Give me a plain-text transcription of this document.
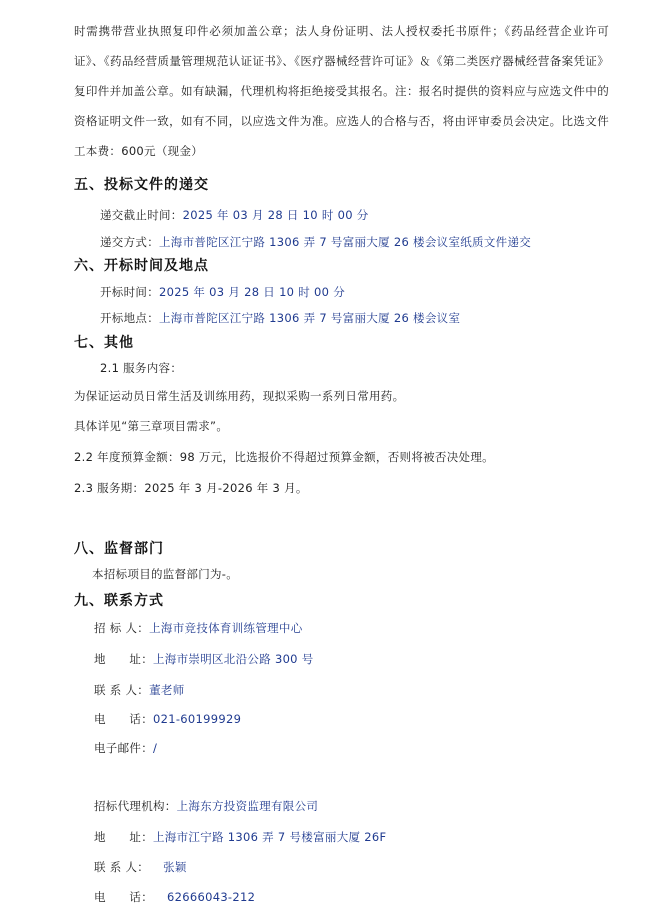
时需携带营业执照复印件必须加盖公章；法人身份证明、法人授权委托书原件；《药品经营企业许可证》、《药品经营质量管理规范认证证书》、《医疗器械经营许可证》＆《第二类医疗器械经营备案凭证》复印件并加盖公章。如有缺漏，代理机构将拒绝接受其报名。注：报名时提供的资料应与应选文件中的资格证明文件一致，如有不同，以应选文件为准。应选人的合格与否，将由评审委员会决定。比选文件工本费：600元（现金）
五、投标文件的递交
递交截止时间：2025 年 03 月 28 日 10 时 00 分
递交方式：上海市普陀区江宁路 1306 弄 7 号富丽大厦 26 楼会议室纸质文件递交
六、开标时间及地点
开标时间：2025 年 03 月 28 日 10 时 00 分
开标地点：上海市普陀区江宁路 1306 弄 7 号富丽大厦 26 楼会议室
七、其他
2.1 服务内容：
为保证运动员日常生活及训练用药，现拟采购一系列日常用药。
具体详见“第三章项目需求”。
2.2 年度预算金额：98 万元，比选报价不得超过预算金额，否则将被否决处理。
2.3 服务期：2025 年 3 月-2026 年 3 月。
八、监督部门
本招标项目的监督部门为-。
九、联系方式
招 标 人：上海市竞技体育训练管理中心
地　　址：上海市崇明区北沿公路 300 号
联 系 人：董老师
电　　话：021-60199929
电子邮件：/
招标代理机构：上海东方投资监理有限公司
地　　址：上海市江宁路 1306 弄 7 号楼富丽大厦 26F
联 系 人： 张颖
电　　话： 62666043-212
